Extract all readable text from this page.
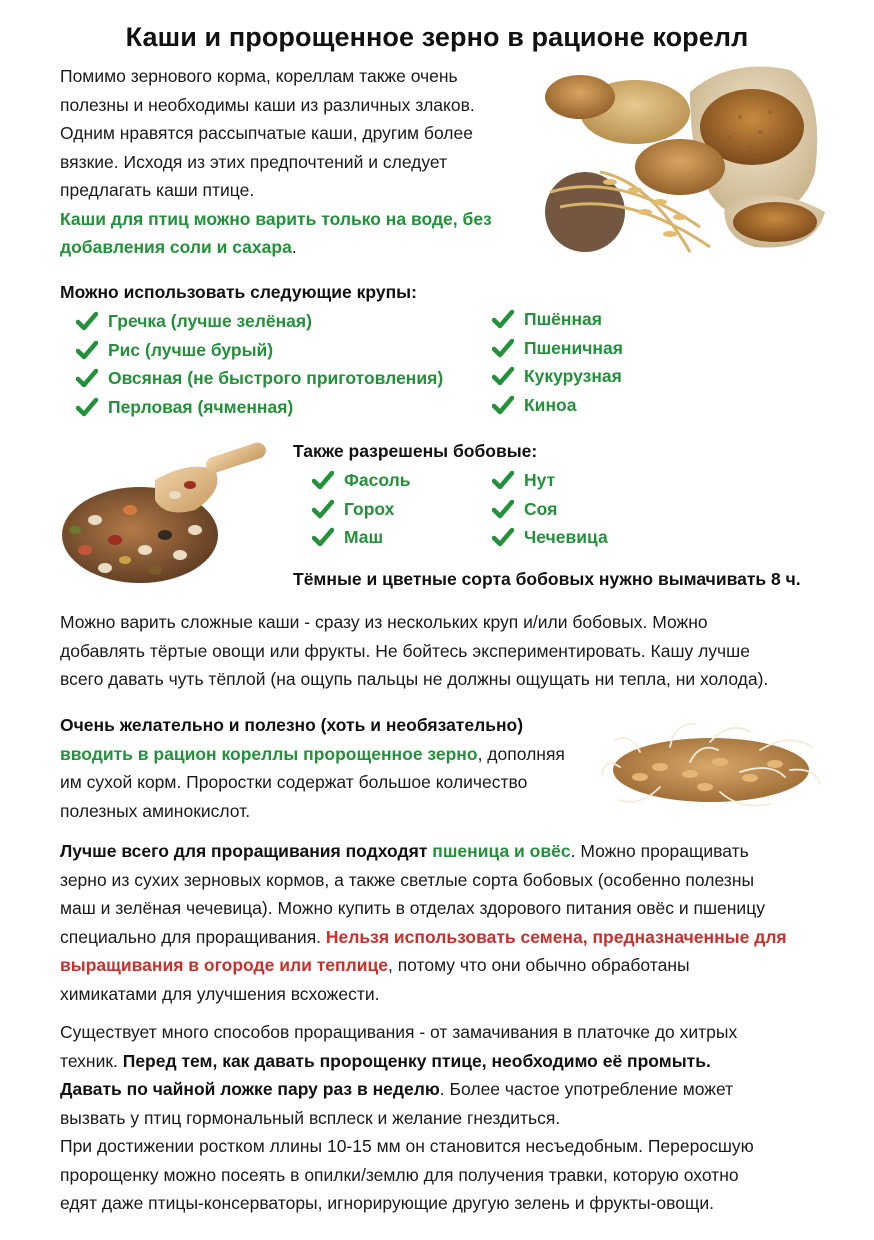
Каши и пророщенное зерно в рационе корелл
Помимо зернового корма, кореллам также очень
полезны и необходимы каши из различных злаков.
Одним нравятся рассыпчатые каши, другим более
вязкие. Исходя из этих предпочтений и следует
предлагать каши птице.
Каши для птиц можно варить только на воде, без
добавления соли и сахара.
Можно использовать следующие крупы:
Гречка (лучше зелёная)
Рис (лучше бурый)
Овсяная (не быстрого приготовления)
Перловая (ячменная)
Пшённая
Пшеничная
Кукурузная
Киноа
Также разрешены бобовые:
Фасоль
Горох
Маш
Нут
Соя
Чечевица
Тёмные и цветные сорта бобовых нужно вымачивать 8 ч.
Можно варить сложные каши - сразу из нескольких круп и/или бобовых. Можно
добавлять тёртые овощи или фрукты. Не бойтесь экспериментировать. Кашу лучше
всего давать чуть тёплой (на ощупь пальцы не должны ощущать ни тепла, ни холода).
Очень желательно и полезно (хоть и необязательно)
вводить в рацион кореллы пророщенное зерно, дополняя
им сухой корм. Проростки содержат большое количество
полезных аминокислот.
Лучше всего для проращивания подходят пшеница и овёс. Можно проращивать
зерно из сухих зерновых кормов, а также светлые сорта бобовых (особенно полезны
маш и зелёная чечевица). Можно купить в отделах здорового питания овёс и пшеницу
специально для проращивания. Нельзя использовать семена, предназначенные для
выращивания в огороде или теплице, потому что они обычно обработаны
химикатами для улучшения всхожести.
Существует много способов проращивания - от замачивания в платочке до хитрых
техник. Перед тем, как давать пророщенку птице, необходимо её промыть.
Давать по чайной ложке пару раз в неделю. Более частое употребление может
вызвать у птиц гормональный всплеск и желание гнездиться.
При достижении ростком ллины 10-15 мм он становится несъедобным. Переросшую
пророщенку можно посеять в опилки/землю для получения травки, которую охотно
едят даже птицы-консерваторы, игнорирующие другую зелень и фрукты-овощи.
